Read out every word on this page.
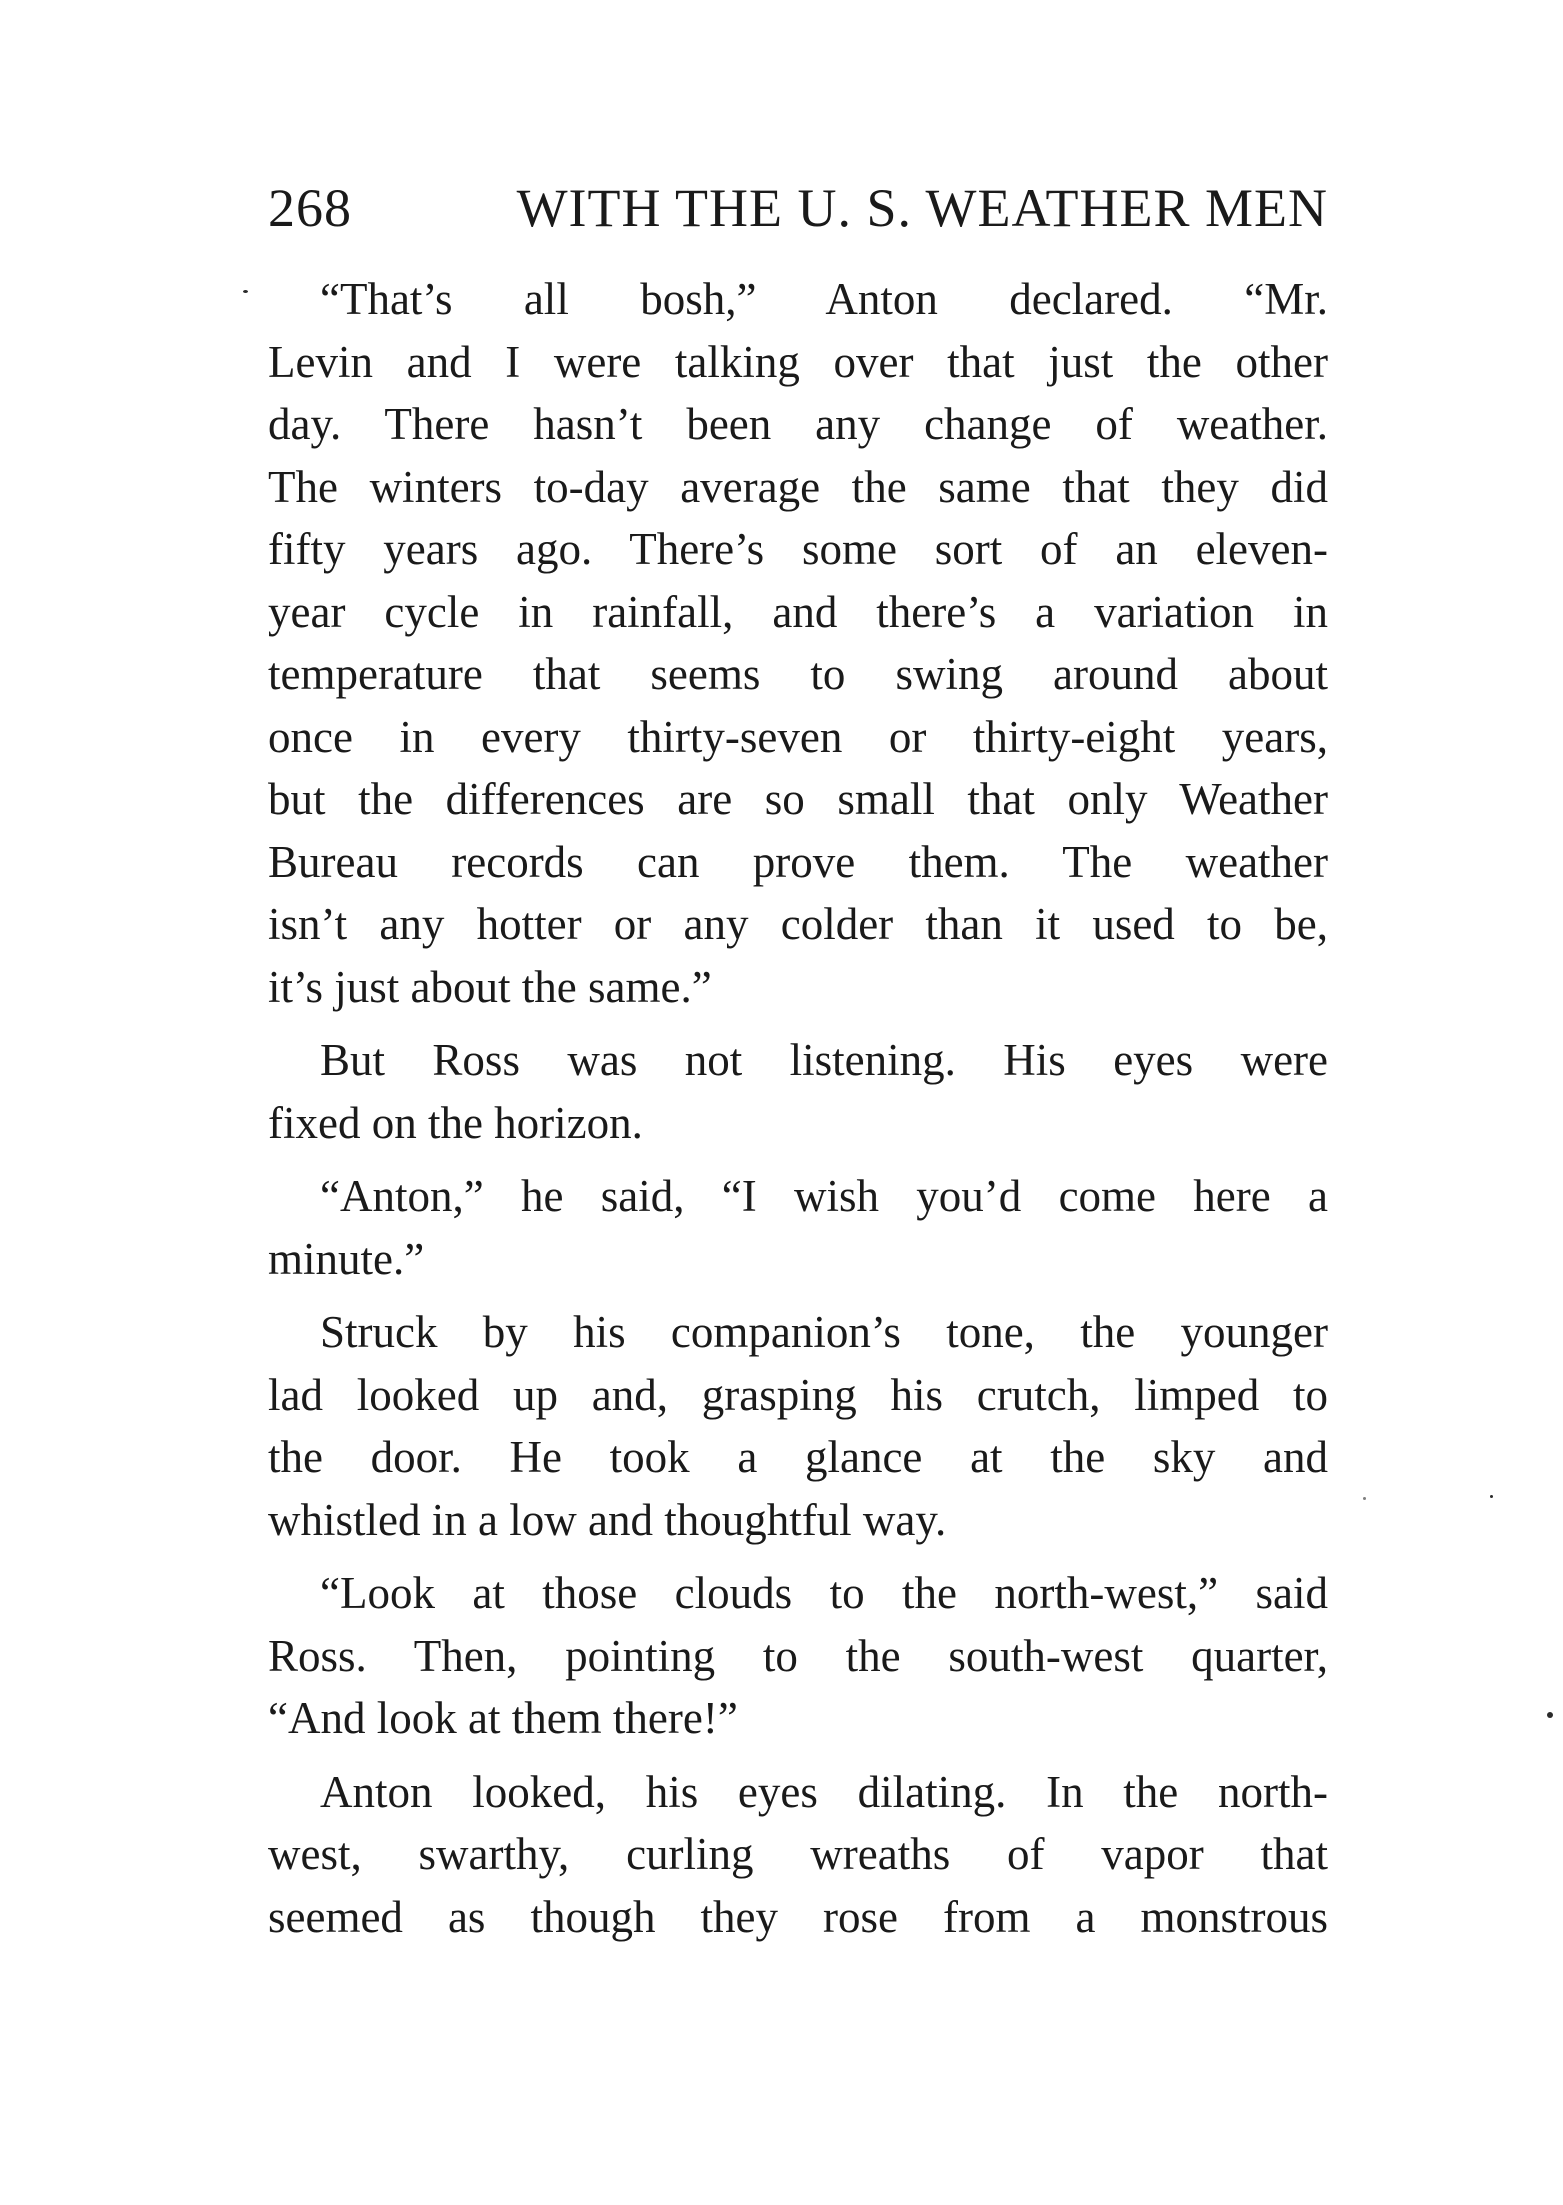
268	WITH THE U. S. WEATHER MEN
“That’s all bosh,” Anton declared. “Mr.
Levin and I were talking over that just the other
day. There hasn’t been any change of weather.
The winters to-day average the same that they did
fifty years ago. There’s some sort of an eleven-
year cycle in rainfall, and there’s a variation in
temperature that seems to swing around about
once in every thirty-seven or thirty-eight years,
but the differences are so small that only Weather
Bureau records can prove them. The weather
isn’t any hotter or any colder than it used to be,
it’s just about the same.”
But Ross was not listening. His eyes were
fixed on the horizon.
“Anton,” he said, “I wish you’d come here a
minute.”
Struck by his companion’s tone, the younger
lad looked up and, grasping his crutch, limped to
the door. He took a glance at the sky and
whistled in a low and thoughtful way.
“Look at those clouds to the north-west,” said
Ross. Then, pointing to the south-west quarter,
“And look at them there!”
Anton looked, his eyes dilating. In the north-
west, swarthy, curling wreaths of vapor that
seemed as though they rose from a monstrous
